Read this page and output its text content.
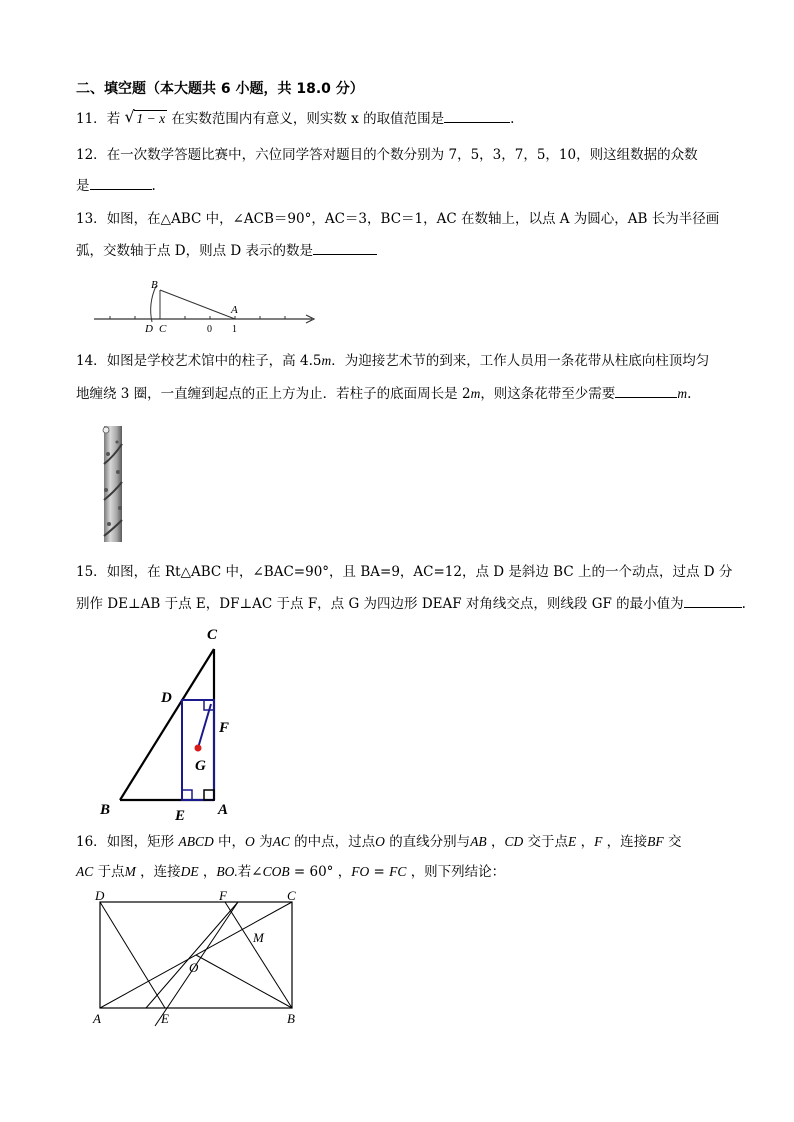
二、填空题（本大题共 6 小题，共 18.0 分）
11．若 √ 1 − x 在实数范围内有意义，则实数 x 的取值范围是	.
12．在一次数学答题比赛中，六位同学答对题目的个数分别为 7，5，3，7，5，10，则这组数据的众数
是	.
13．如图，在△ABC 中，∠ACB＝90°，AC＝3，BC＝1，AC 在数轴上，以点 A 为圆心，AB 长为半径画
弧，交数轴于点 D，则点 D 表示的数是
B
A
D C	0 1
14．如图是学校艺术馆中的柱子，高 4.5m．为迎接艺术节的到来，工作人员用一条花带从柱底向柱顶均匀
地缠绕 3 圈，一直缠到起点的正上方为止．若柱子的底面周长是 2m，则这条花带至少需要	m.
15．如图，在 Rt△ABC 中，∠BAC=90°，且 BA=9，AC=12，点 D 是斜边 BC 上的一个动点，过点 D 分
别作 DE⊥AB 于点 E，DF⊥AC 于点 F，点 G 为四边形 DEAF 对角线交点，则线段 GF 的最小值为	.
C
D
F
G
B	E A
16．如图，矩形 ABCD 中，O 为AC 的中点，过点O 的直线分别与AB ，CD 交于点E ，F ，连接BF 交
AC 于点M ，连接DE ，BO.若∠COB = 60° ，FO = FC ，则下列结论：
D	F	C
M
O
A	E	B
